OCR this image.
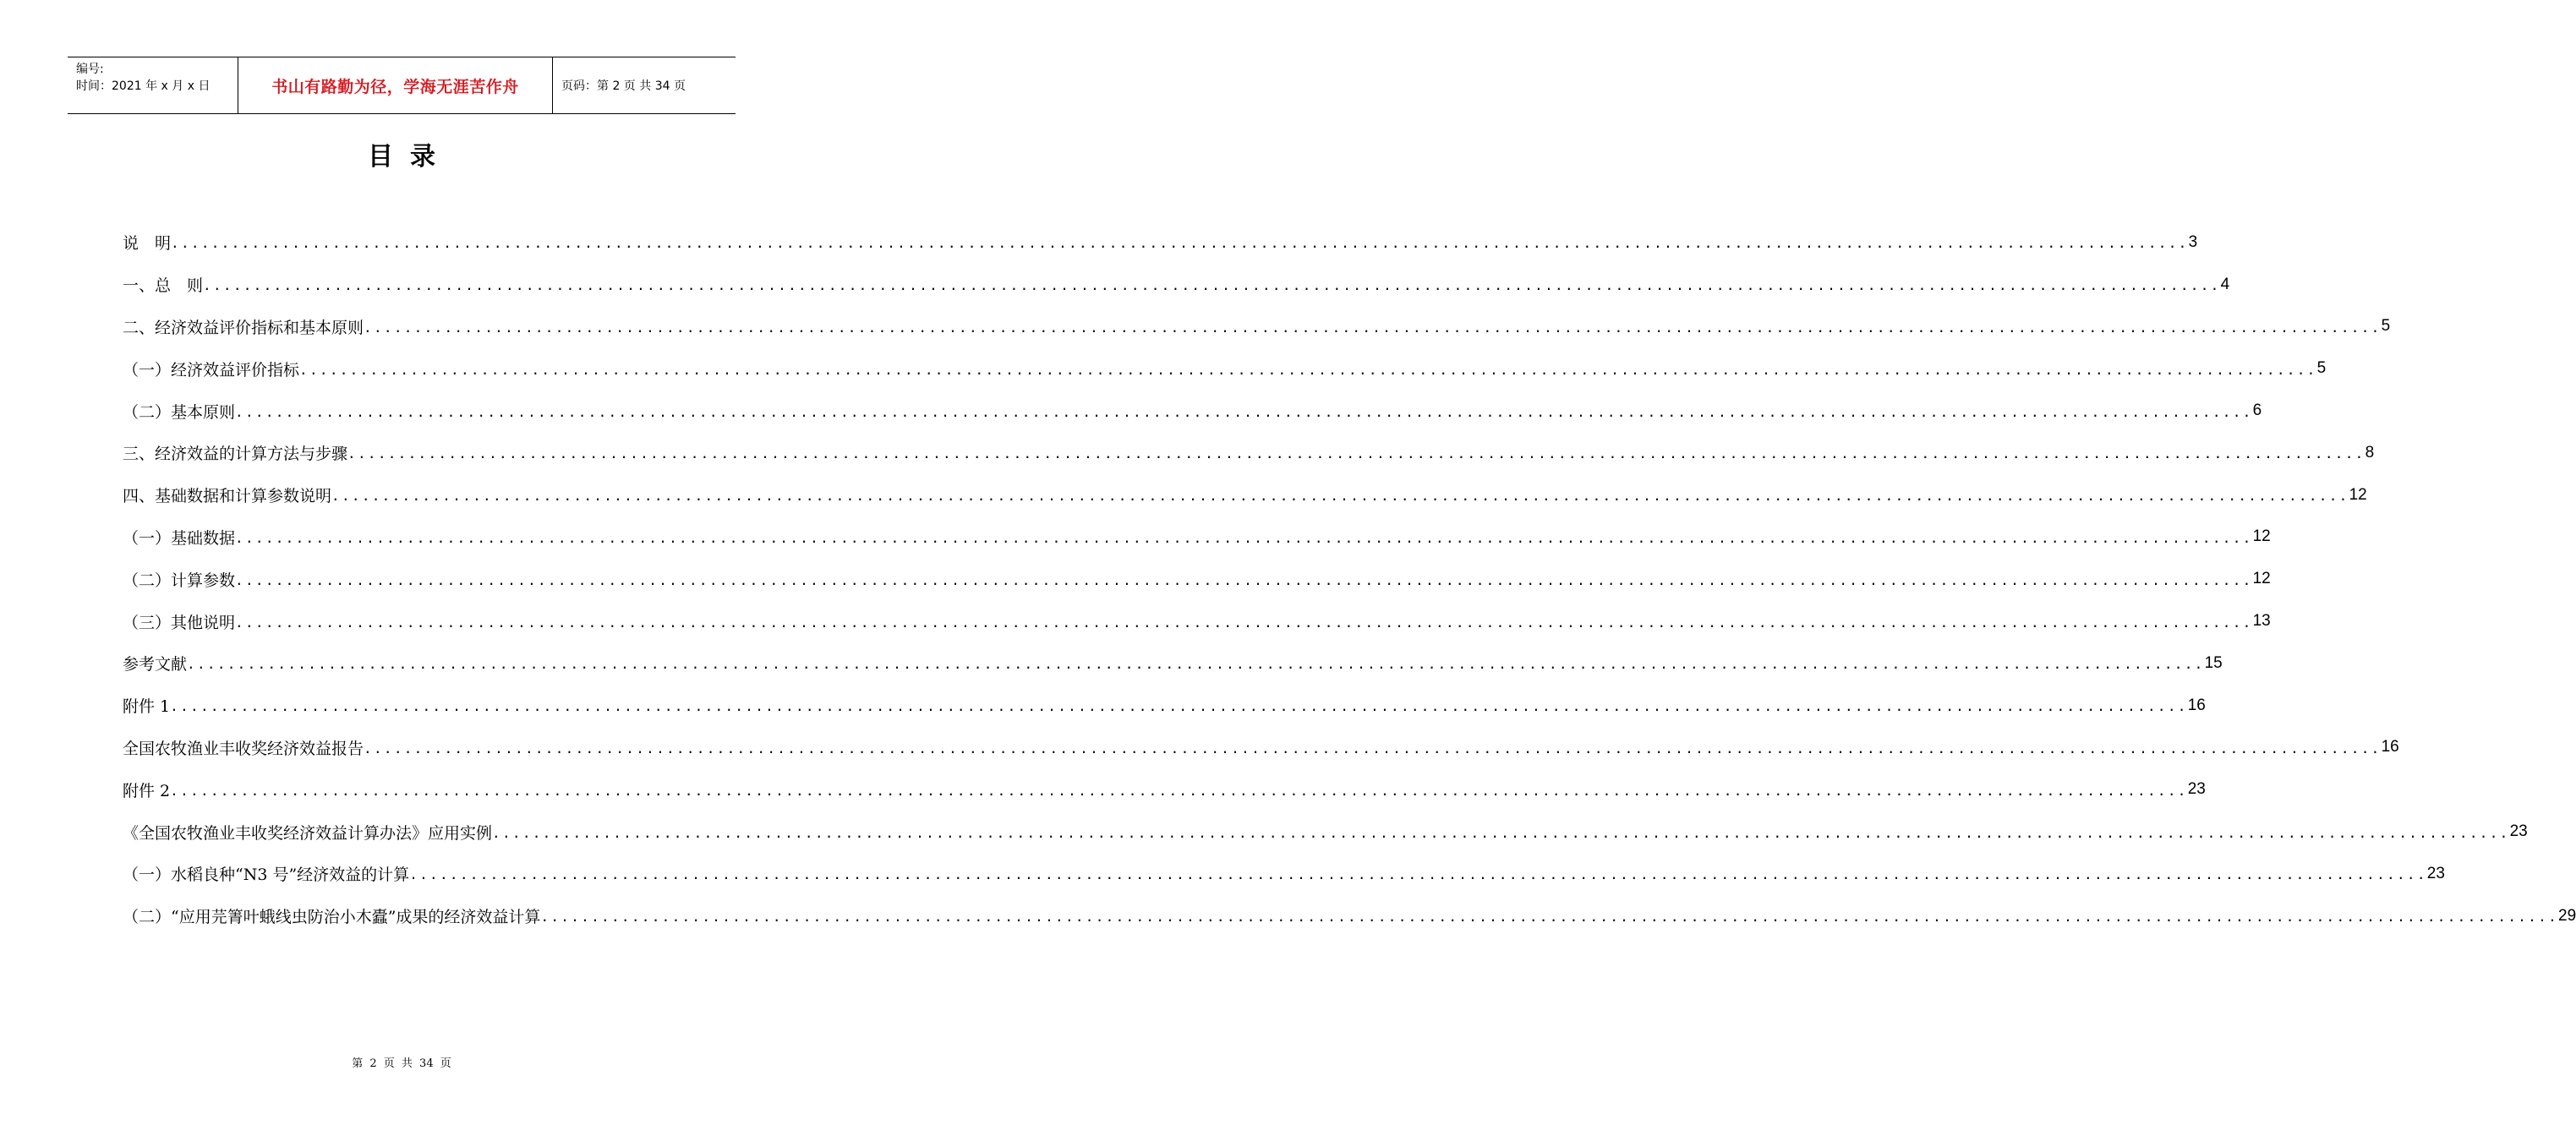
编号:
时间：2021 年 x 月 x 日	书山有路勤为径，学海无涯苦作舟	页码：第 2 页 共 34 页
目录
说　明 ........................................................................................................................................................................................................ 3
一、总　则 ........................................................................................................................................................................................................ 4
二、经济效益评价指标和基本原则 ........................................................................................................................................................................................................ 5
（一）经济效益评价指标 ........................................................................................................................................................................................................ 5
（二）基本原则 ........................................................................................................................................................................................................ 6
三、经济效益的计算方法与步骤 ........................................................................................................................................................................................................ 8
四、基础数据和计算参数说明 ........................................................................................................................................................................................................ 12
（一）基础数据 ........................................................................................................................................................................................................ 12
（二）计算参数 ........................................................................................................................................................................................................ 12
（三）其他说明 ........................................................................................................................................................................................................ 13
参考文献 ........................................................................................................................................................................................................ 15
附件 1 ........................................................................................................................................................................................................ 16
全国农牧渔业丰收奖经济效益报告 ........................................................................................................................................................................................................ 16
附件 2 ........................................................................................................................................................................................................ 23
《全国农牧渔业丰收奖经济效益计算办法》应用实例 ........................................................................................................................................................................................................ 23
（一）水稻良种“N3 号”经济效益的计算 ........................................................................................................................................................................................................ 23
（二）“应用芫箐叶蛾线虫防治小木蠹”成果的经济效益计算 ........................................................................................................................................................................................................ 29
第 2 页 共 34 页
